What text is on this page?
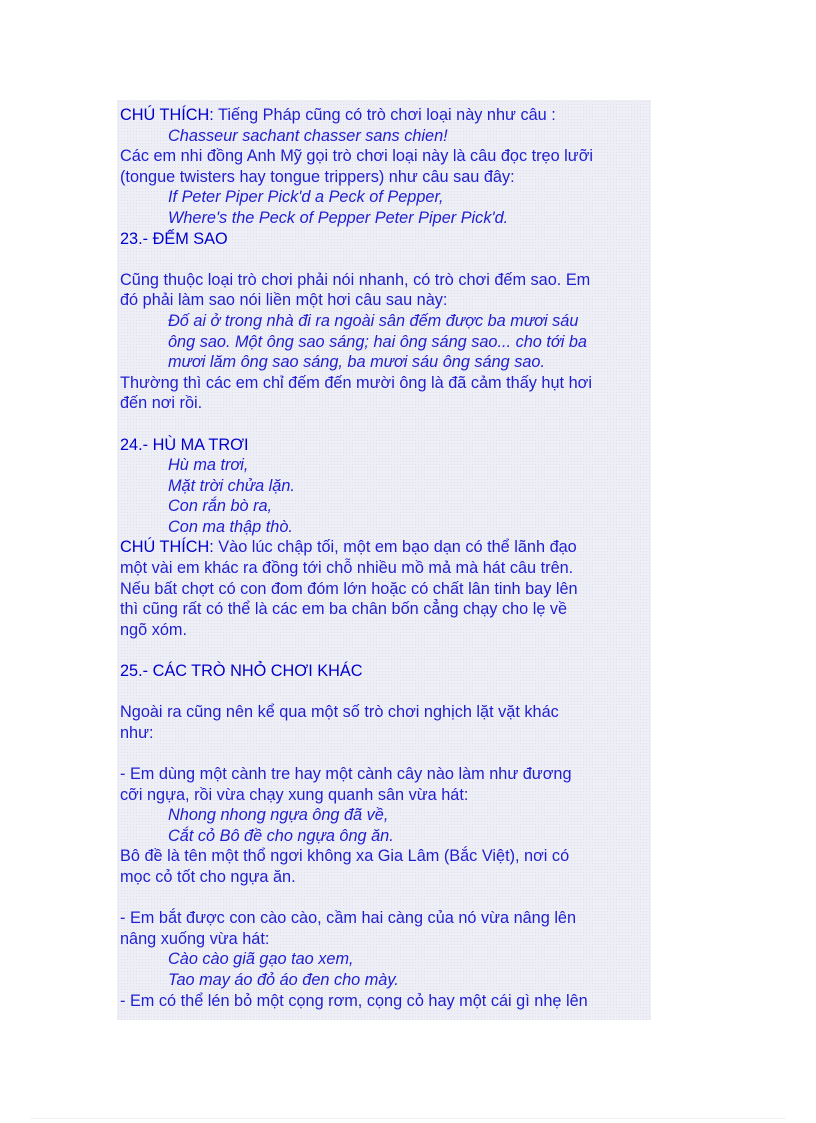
CHÚ THÍCH: Tiếng Pháp cũng có trò chơi loại này như câu :
Chasseur sachant chasser sans chien!
Các em nhi đồng Anh Mỹ gọi trò chơi loại này là câu đọc trẹo lưỡi
(tongue twisters hay tongue trippers) như câu sau đây:
If Peter Piper Pick'd a Peck of Pepper,
Where's the Peck of Pepper Peter Piper Pick'd.
23.- ĐẾM SAO
Cũng thuộc loại trò chơi phải nói nhanh, có trò chơi đếm sao. Em
đó phải làm sao nói liền một hơi câu sau này:
Đố ai ở trong nhà đi ra ngoài sân đếm được ba mươi sáu
ông sao. Một ông sao sáng; hai ông sáng sao... cho tới ba
mươi lăm ông sao sáng, ba mươi sáu ông sáng sao.
Thường thì các em chỉ đếm đến mười ông là đã cảm thấy hụt hơi
đến nơi rồi.
24.- HÙ MA TRƠI
Hù ma trơi,
Mặt trời chửa lặn.
Con rắn bò ra,
Con ma thập thò.
CHÚ THÍCH: Vào lúc chập tối, một em bạo dạn có thể lãnh đạo
một vài em khác ra đồng tới chỗ nhiều mồ mả mà hát câu trên.
Nếu bất chợt có con đom đóm lớn hoặc có chất lân tinh bay lên
thì cũng rất có thể là các em ba chân bốn cẳng chạy cho lẹ về
ngõ xóm.
25.- CÁC TRÒ NHỎ CHƠI KHÁC
Ngoài ra cũng nên kể qua một số trò chơi nghịch lặt vặt khác
như:
- Em dùng một cành tre hay một cành cây nào làm như đương
cỡi ngựa, rồi vừa chạy xung quanh sân vừa hát:
Nhong nhong ngựa ông đã về,
Cắt cỏ Bô đề cho ngựa ông ăn.
Bô đề là tên một thổ ngơi không xa Gia Lâm (Bắc Việt), nơi có
mọc cỏ tốt cho ngựa ăn.
- Em bắt được con cào cào, cầm hai càng của nó vừa nâng lên
nâng xuống vừa hát:
Cào cào giã gạo tao xem,
Tao may áo đỏ áo đen cho mày.
- Em có thể lén bỏ một cọng rơm, cọng cỏ hay một cái gì nhẹ lên
